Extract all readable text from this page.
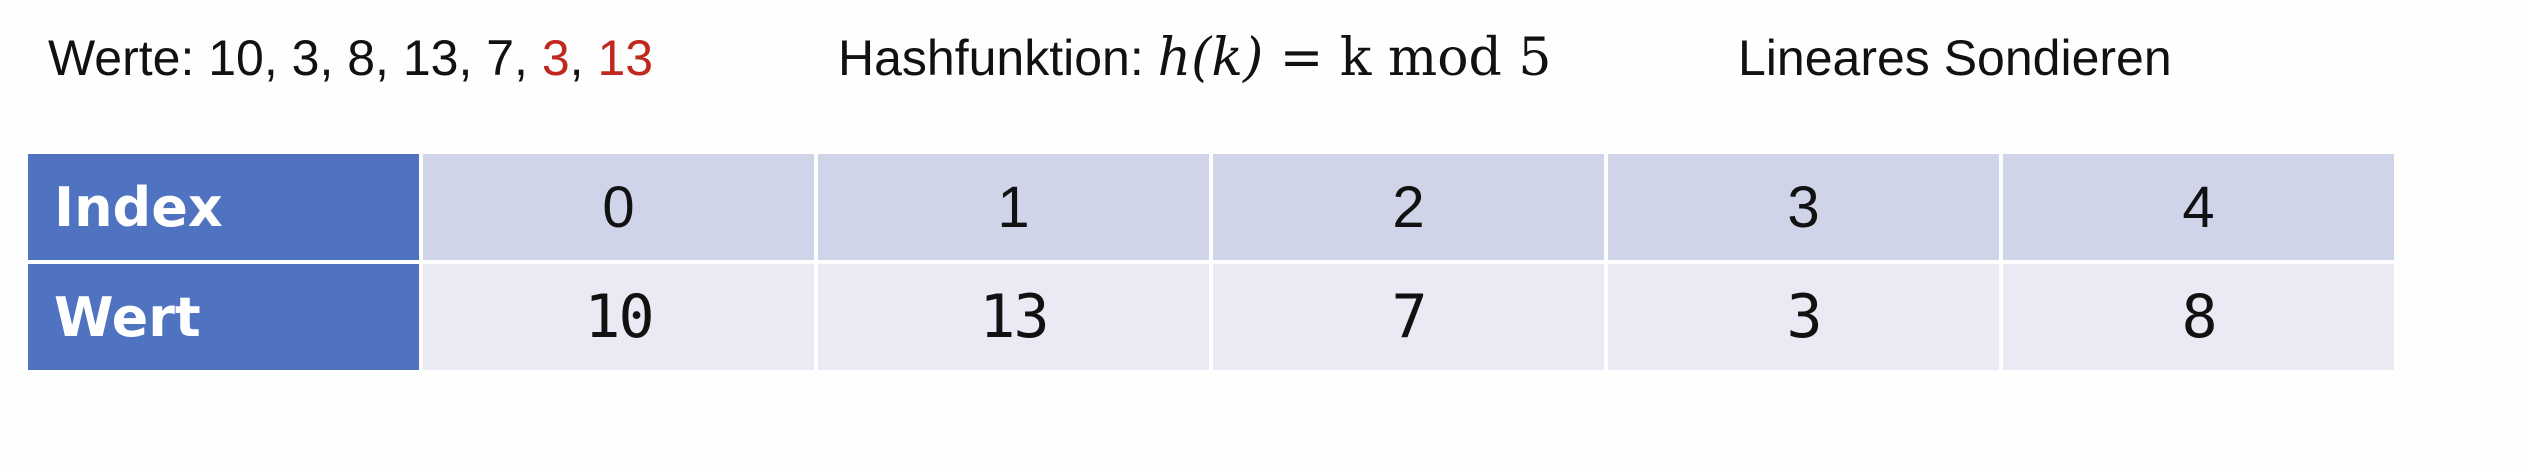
Werte: 10, 3, 8, 13, 7, 3, 13	Hashfunktion: h(k) = k mod 5	Lineares Sondieren
Index	0	1	2	3	4
Wert	10	13	7	3	8
